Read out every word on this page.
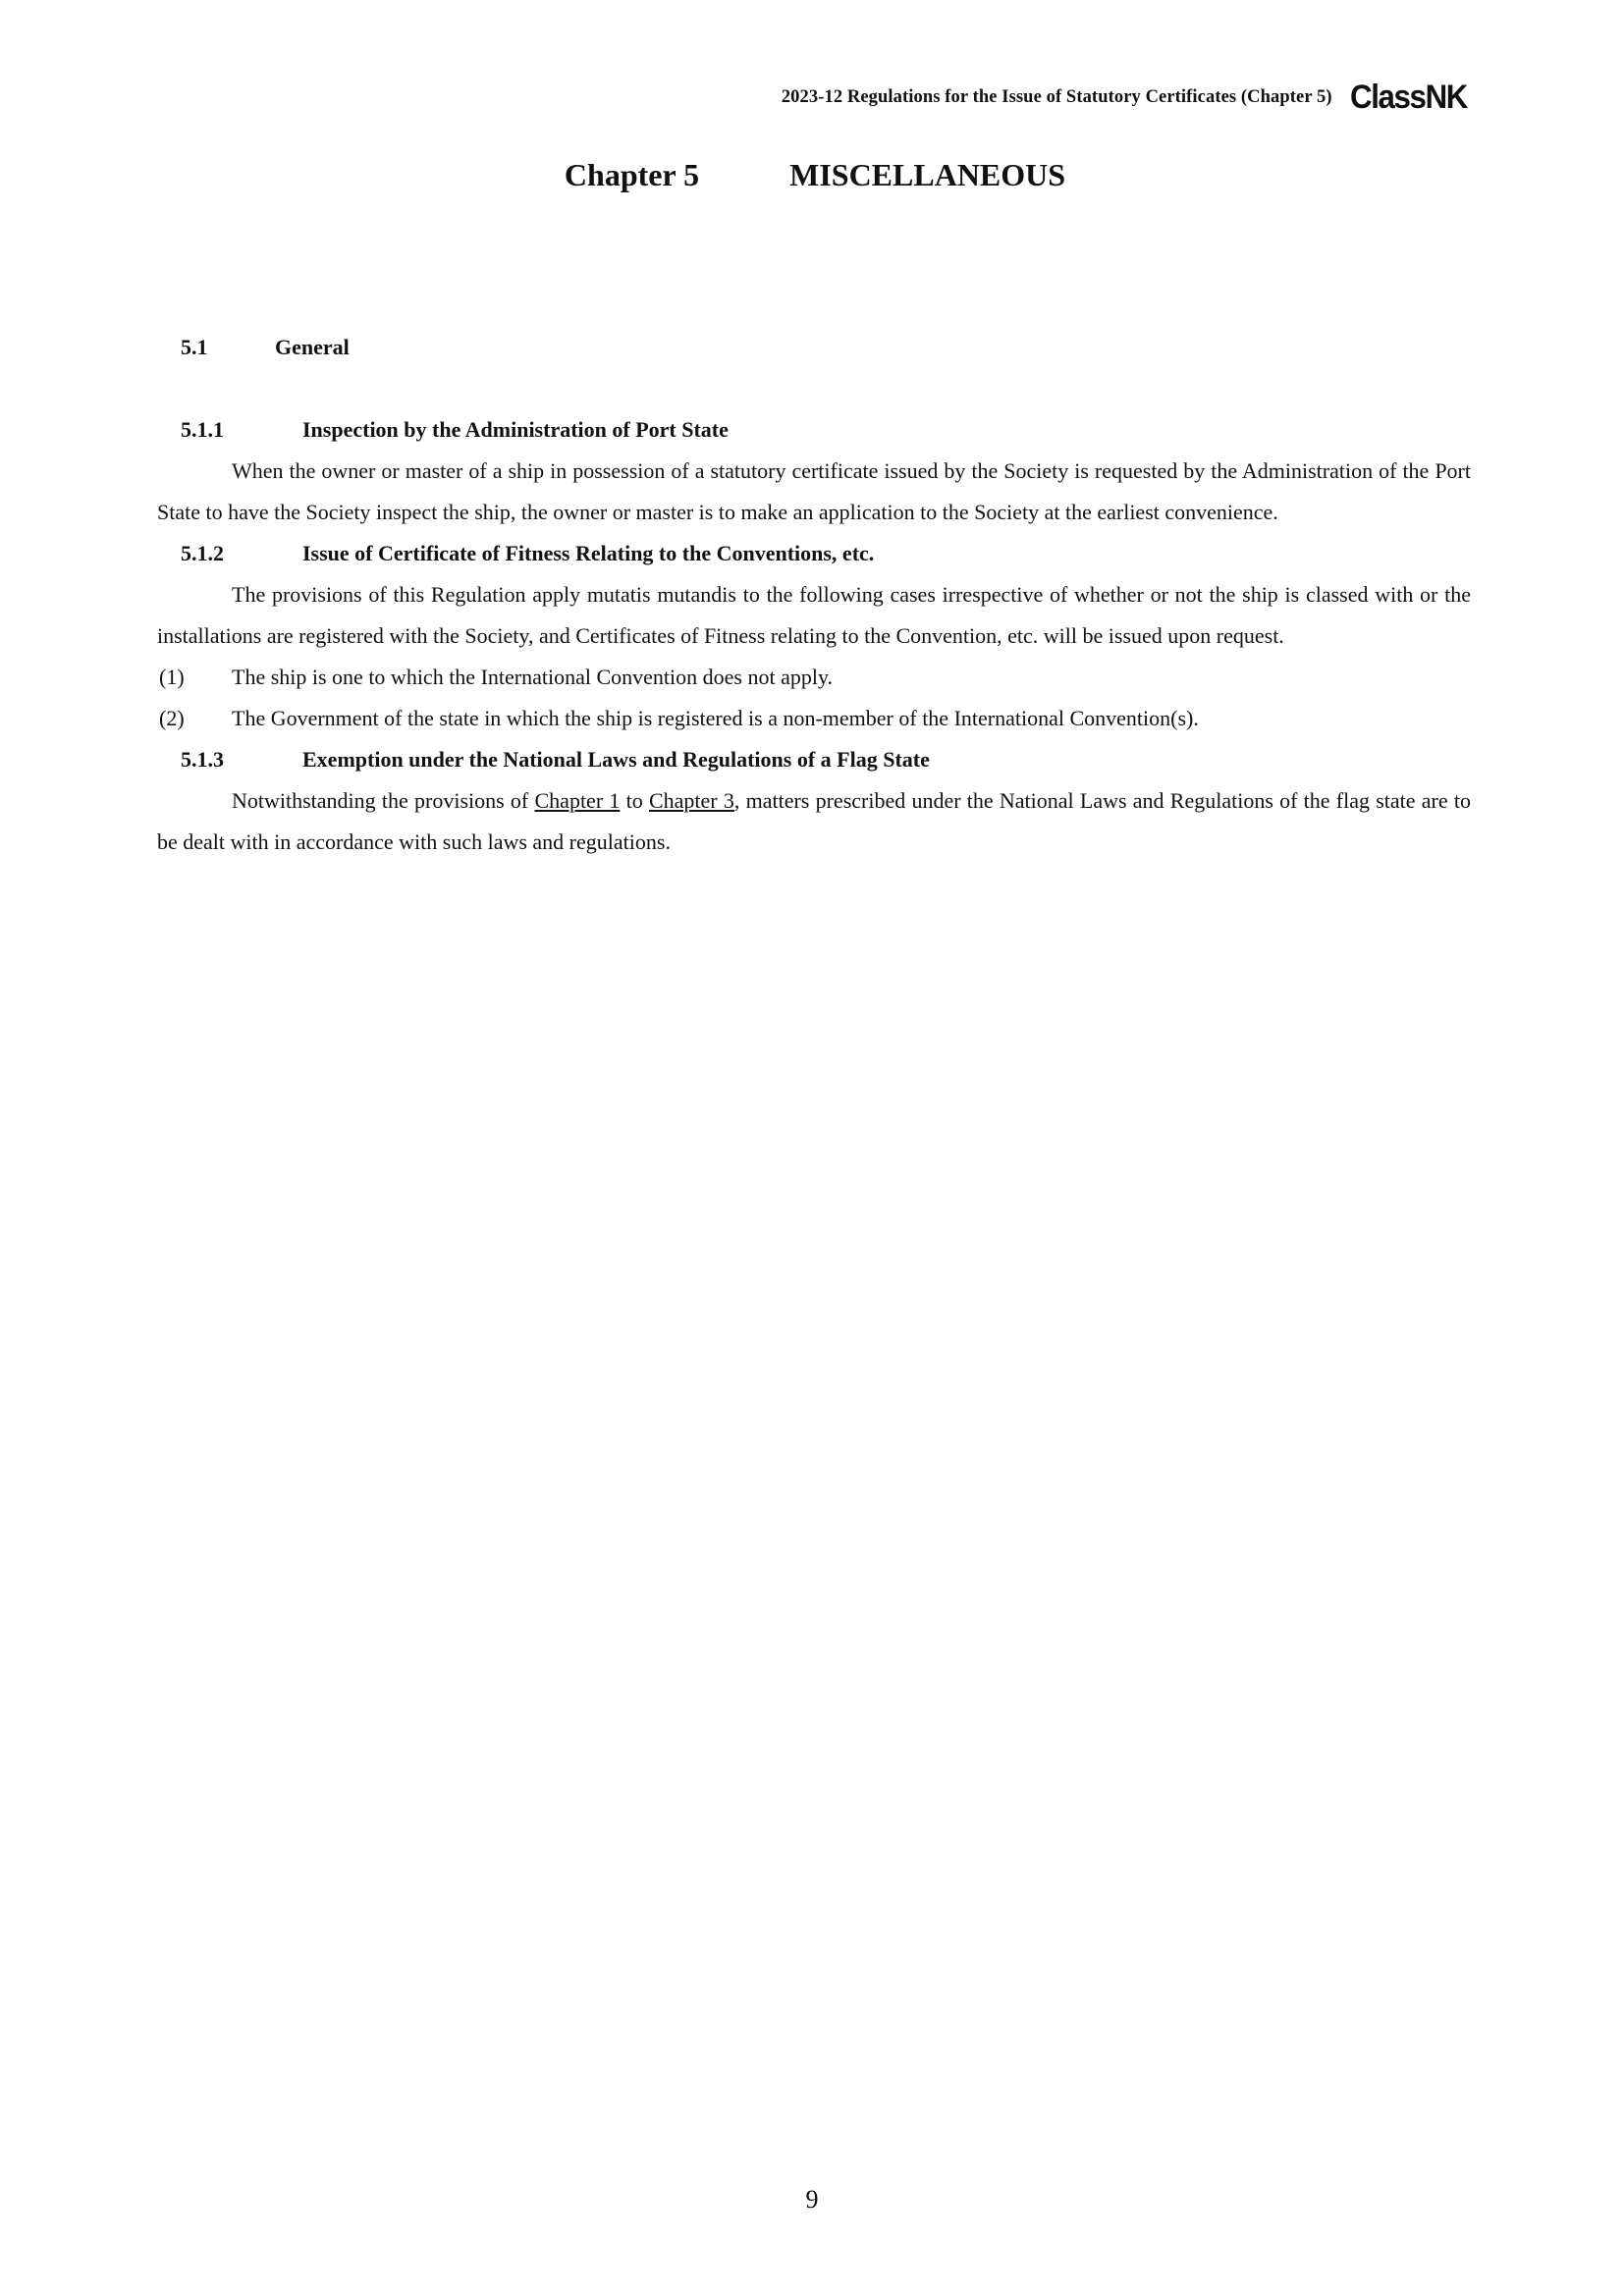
2023-12 Regulations for the Issue of Statutory Certificates (Chapter 5) ClassNK
Chapter 5	MISCELLANEOUS
5.1	General
5.1.1	Inspection by the Administration of Port State

When the owner or master of a ship in possession of a statutory certificate issued by the Society is requested by the Administration of the Port State to have the Society inspect the ship, the owner or master is to make an application to the Society at the earliest convenience.

5.1.2	Issue of Certificate of Fitness Relating to the Conventions, etc.

The provisions of this Regulation apply mutatis mutandis to the following cases irrespective of whether or not the ship is classed with or the installations are registered with the Society, and Certificates of Fitness relating to the Convention, etc. will be issued upon request.

(1)	The ship is one to which the International Convention does not apply.
(2)	The Government of the state in which the ship is registered is a non-member of the International Convention(s).
5.1.3	Exemption under the National Laws and Regulations of a Flag State

Notwithstanding the provisions of Chapter 1 to Chapter 3, matters prescribed under the National Laws and Regulations of the flag state are to be dealt with in accordance with such laws and regulations.

9
